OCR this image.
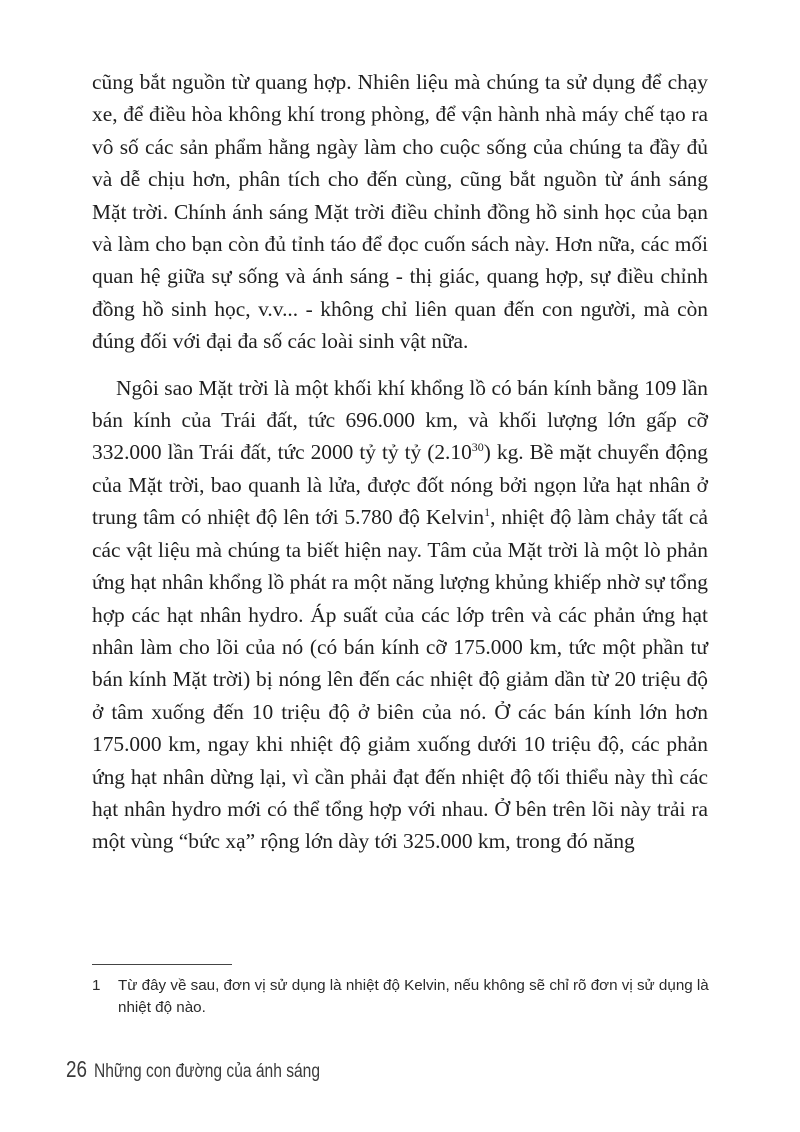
cũng bắt nguồn từ quang hợp. Nhiên liệu mà chúng ta sử dụng để chạy xe, để điều hòa không khí trong phòng, để vận hành nhà máy chế tạo ra vô số các sản phẩm hằng ngày làm cho cuộc sống của chúng ta đầy đủ và dễ chịu hơn, phân tích cho đến cùng, cũng bắt nguồn từ ánh sáng Mặt trời. Chính ánh sáng Mặt trời điều chỉnh đồng hồ sinh học của bạn và làm cho bạn còn đủ tỉnh táo để đọc cuốn sách này. Hơn nữa, các mối quan hệ giữa sự sống và ánh sáng - thị giác, quang hợp, sự điều chỉnh đồng hồ sinh học, v.v... - không chỉ liên quan đến con người, mà còn đúng đối với đại đa số các loài sinh vật nữa.

Ngôi sao Mặt trời là một khối khí khổng lồ có bán kính bằng 109 lần bán kính của Trái đất, tức 696.000 km, và khối lượng lớn gấp cỡ 332.000 lần Trái đất, tức 2000 tỷ tỷ tỷ (2.10$^{30}$) kg. Bề mặt chuyển động của Mặt trời, bao quanh là lửa, được đốt nóng bởi ngọn lửa hạt nhân ở trung tâm có nhiệt độ lên tới 5.780 độ Kelvin$^1$, nhiệt độ làm chảy tất cả các vật liệu mà chúng ta biết hiện nay. Tâm của Mặt trời là một lò phản ứng hạt nhân khổng lồ phát ra một năng lượng khủng khiếp nhờ sự tổng hợp các hạt nhân hydro. Áp suất của các lớp trên và các phản ứng hạt nhân làm cho lõi của nó (có bán kính cỡ 175.000 km, tức một phần tư bán kính Mặt trời) bị nóng lên đến các nhiệt độ giảm dần từ 20 triệu độ ở tâm xuống đến 10 triệu độ ở biên của nó. Ở các bán kính lớn hơn 175.000 km, ngay khi nhiệt độ giảm xuống dưới 10 triệu độ, các phản ứng hạt nhân dừng lại, vì cần phải đạt đến nhiệt độ tối thiểu này thì các hạt nhân hydro mới có thể tổng hợp với nhau. Ở bên trên lõi này trải ra một vùng “bức xạ” rộng lớn dày tới 325.000 km, trong đó năng

1	Từ đây về sau, đơn vị sử dụng là nhiệt độ Kelvin, nếu không sẽ chỉ rõ đơn vị sử dụng là nhiệt độ nào.
26 Những con đường của ánh sáng
